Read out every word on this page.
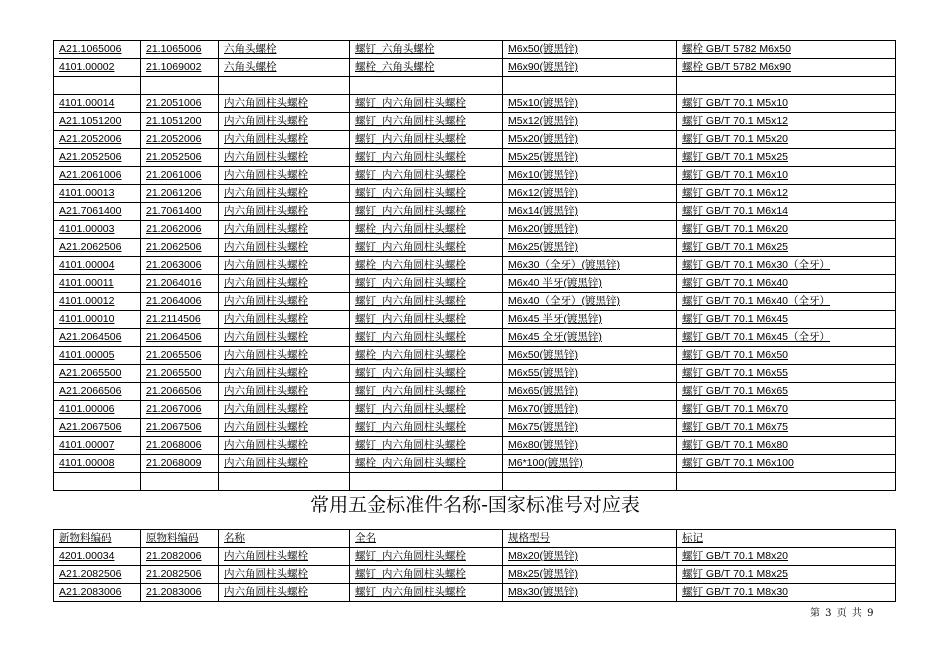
A21.1065006	21.1065006	六角头螺栓	螺钉_六角头螺栓	M6x50(镀黑锌)	螺栓 GB/T 5782 M6x50
4101.00002	21.1069002	六角头螺栓	螺栓_六角头螺栓	M6x90(镀黑锌)	螺栓 GB/T 5782 M6x90

4101.00014	21.2051006	内六角圆柱头螺栓	螺钉_内六角圆柱头螺栓	M5x10(镀黑锌)	螺钉 GB/T 70.1 M5x10
A21.1051200	21.1051200	内六角圆柱头螺栓	螺钉_内六角圆柱头螺栓	M5x12(镀黑锌)	螺钉 GB/T 70.1 M5x12
A21.2052006	21.2052006	内六角圆柱头螺栓	螺钉_内六角圆柱头螺栓	M5x20(镀黑锌)	螺钉 GB/T 70.1 M5x20
A21.2052506	21.2052506	内六角圆柱头螺栓	螺钉_内六角圆柱头螺栓	M5x25(镀黑锌)	螺钉 GB/T 70.1 M5x25
A21.2061006	21.2061006	内六角圆柱头螺栓	螺钉_内六角圆柱头螺栓	M6x10(镀黑锌)	螺钉 GB/T 70.1 M6x10
4101.00013	21.2061206	内六角圆柱头螺栓	螺钉_内六角圆柱头螺栓	M6x12(镀黑锌)	螺钉 GB/T 70.1 M6x12
A21.7061400	21.7061400	内六角圆柱头螺栓	螺钉_内六角圆柱头螺栓	M6x14(镀黑锌)	螺钉 GB/T 70.1 M6x14
4101.00003	21.2062006	内六角圆柱头螺栓	螺栓_内六角圆柱头螺栓	M6x20(镀黑锌)	螺钉 GB/T 70.1 M6x20
A21.2062506	21.2062506	内六角圆柱头螺栓	螺钉_内六角圆柱头螺栓	M6x25(镀黑锌)	螺钉 GB/T 70.1 M6x25
4101.00004	21.2063006	内六角圆柱头螺栓	螺栓_内六角圆柱头螺栓	M6x30（全牙）(镀黑锌)	螺钉 GB/T 70.1 M6x30（全牙）
4101.00011	21.2064016	内六角圆柱头螺栓	螺钉_内六角圆柱头螺栓	M6x40 半牙(镀黑锌)	螺钉 GB/T 70.1 M6x40
4101.00012	21.2064006	内六角圆柱头螺栓	螺钉_内六角圆柱头螺栓	M6x40（全牙）(镀黑锌)	螺钉 GB/T 70.1 M6x40（全牙）
4101.00010	21.2114506	内六角圆柱头螺栓	螺钉_内六角圆柱头螺栓	M6x45 半牙(镀黑锌)	螺钉 GB/T 70.1 M6x45
A21.2064506	21.2064506	内六角圆柱头螺栓	螺钉_内六角圆柱头螺栓	M6x45 全牙(镀黑锌)	螺钉 GB/T 70.1 M6x45（全牙）
4101.00005	21.2065506	内六角圆柱头螺栓	螺栓_内六角圆柱头螺栓	M6x50(镀黑锌)	螺钉 GB/T 70.1 M6x50
A21.2065500	21.2065500	内六角圆柱头螺栓	螺钉_内六角圆柱头螺栓	M6x55(镀黑锌)	螺钉 GB/T 70.1 M6x55
A21.2066506	21.2066506	内六角圆柱头螺栓	螺钉_内六角圆柱头螺栓	M6x65(镀黑锌)	螺钉 GB/T 70.1 M6x65
4101.00006	21.2067006	内六角圆柱头螺栓	螺钉_内六角圆柱头螺栓	M6x70(镀黑锌)	螺钉 GB/T 70.1 M6x70
A21.2067506	21.2067506	内六角圆柱头螺栓	螺钉_内六角圆柱头螺栓	M6x75(镀黑锌)	螺钉 GB/T 70.1 M6x75
4101.00007	21.2068006	内六角圆柱头螺栓	螺钉_内六角圆柱头螺栓	M6x80(镀黑锌)	螺钉 GB/T 70.1 M6x80
4101.00008	21.2068009	内六角圆柱头螺栓	螺栓_内六角圆柱头螺栓	M6*100(镀黑锌)	螺钉 GB/T 70.1 M6x100

常用五金标准件名称-国家标准号对应表
新物料编码	原物料编码	名称	全名	规格型号	标记
4201.00034	21.2082006	内六角圆柱头螺栓	螺钉_内六角圆柱头螺栓	M8x20(镀黑锌)	螺钉 GB/T 70.1 M8x20
A21.2082506	21.2082506	内六角圆柱头螺栓	螺钉_内六角圆柱头螺栓	M8x25(镀黑锌)	螺钉 GB/T 70.1 M8x25
A21.2083006	21.2083006	内六角圆柱头螺栓	螺钉_内六角圆柱头螺栓	M8x30(镀黑锌)	螺钉 GB/T 70.1 M8x30
第 3 页 共 9
